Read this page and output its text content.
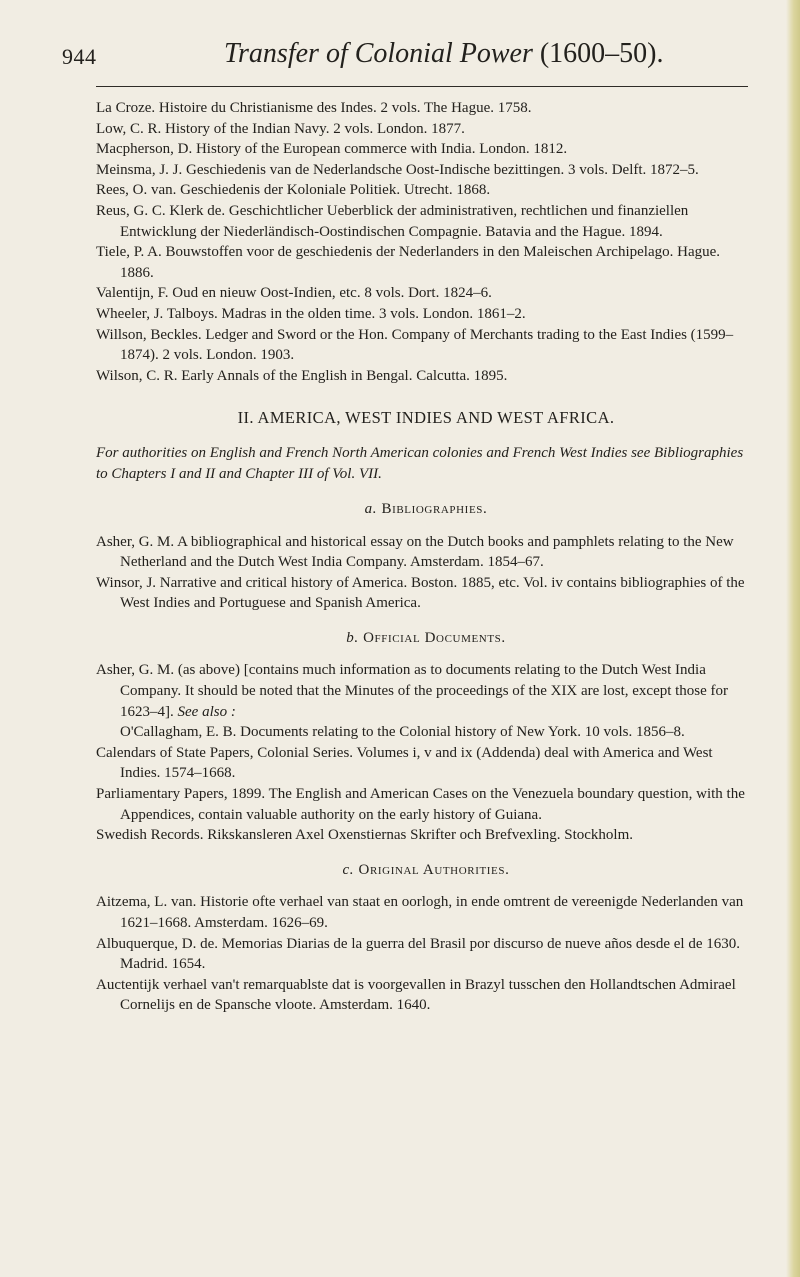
944	Transfer of Colonial Power (1600–50).

La Croze. Histoire du Christianisme des Indes. 2 vols. The Hague. 1758.

Low, C. R. History of the Indian Navy. 2 vols. London. 1877.

Macpherson, D. History of the European commerce with India. London. 1812.

Meinsma, J. J. Geschiedenis van de Nederlandsche Oost-Indische bezittingen. 3 vols. Delft. 1872–5.

Rees, O. van. Geschiedenis der Koloniale Politiek. Utrecht. 1868.

Reus, G. C. Klerk de. Geschichtlicher Ueberblick der administrativen, rechtlichen und finanziellen Entwicklung der Niederländisch-Oostindischen Compagnie. Batavia and the Hague. 1894.

Tiele, P. A. Bouwstoffen voor de geschiedenis der Nederlanders in den Maleischen Archipelago. Hague. 1886.

Valentijn, F. Oud en nieuw Oost-Indien, etc. 8 vols. Dort. 1824–6.

Wheeler, J. Talboys. Madras in the olden time. 3 vols. London. 1861–2.

Willson, Beckles. Ledger and Sword or the Hon. Company of Merchants trading to the East Indies (1599–1874). 2 vols. London. 1903.

Wilson, C. R. Early Annals of the English in Bengal. Calcutta. 1895.

II. AMERICA, WEST INDIES AND WEST AFRICA.

For authorities on English and French North American colonies and French West Indies see Bibliographies to Chapters I and II and Chapter III of Vol. VII.

a. Bibliographies.

Asher, G. M. A bibliographical and historical essay on the Dutch books and pamphlets relating to the New Netherland and the Dutch West India Company. Amsterdam. 1854–67.

Winsor, J. Narrative and critical history of America. Boston. 1885, etc. Vol. iv contains bibliographies of the West Indies and Portuguese and Spanish America.

b. Official Documents.

Asher, G. M. (as above) [contains much information as to documents relating to the Dutch West India Company. It should be noted that the Minutes of the proceedings of the XIX are lost, except those for 1623–4]. See also :

O'Callagham, E. B. Documents relating to the Colonial history of New York. 10 vols. 1856–8.

Calendars of State Papers, Colonial Series. Volumes i, v and ix (Addenda) deal with America and West Indies. 1574–1668.

Parliamentary Papers, 1899. The English and American Cases on the Venezuela boundary question, with the Appendices, contain valuable authority on the early history of Guiana.

Swedish Records. Rikskansleren Axel Oxenstiernas Skrifter och Brefvexling. Stockholm.

c. Original Authorities.

Aitzema, L. van. Historie ofte verhael van staat en oorlogh, in ende omtrent de vereenigde Nederlanden van 1621–1668. Amsterdam. 1626–69.

Albuquerque, D. de. Memorias Diarias de la guerra del Brasil por discurso de nueve años desde el de 1630. Madrid. 1654.

Auctentijk verhael van't remarquablste dat is voorgevallen in Brazyl tusschen den Hollandtschen Admirael Cornelijs en de Spansche vloote. Amsterdam. 1640.
